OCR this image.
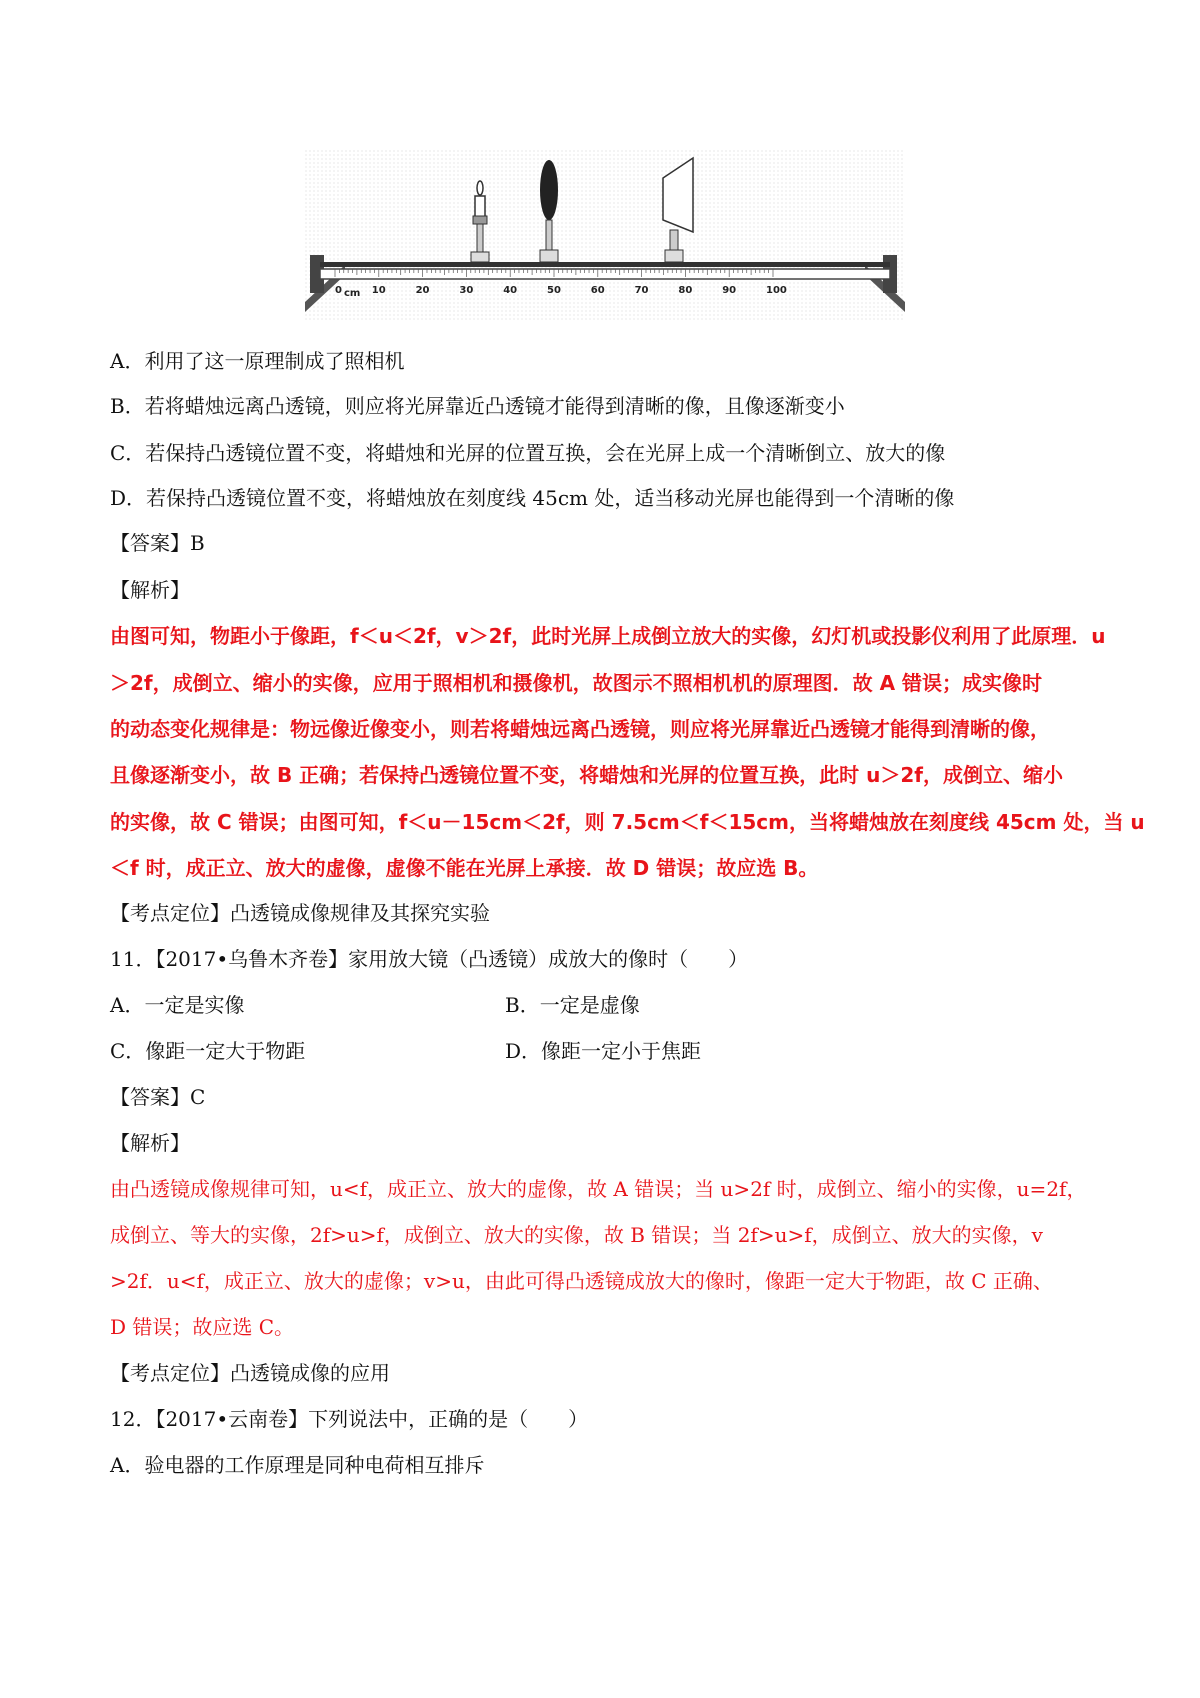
0	10	20	30	40	50	60	70	80	90	100
cm
A．利用了这一原理制成了照相机
B．若将蜡烛远离凸透镜，则应将光屏靠近凸透镜才能得到清晰的像，且像逐渐变小
C．若保持凸透镜位置不变，将蜡烛和光屏的位置互换，会在光屏上成一个清晰倒立、放大的像
D．若保持凸透镜位置不变，将蜡烛放在刻度线 45cm 处，适当移动光屏也能得到一个清晰的像
【答案】B
【解析】
由图可知，物距小于像距，f＜u＜2f，v＞2f，此时光屏上成倒立放大的实像，幻灯机或投影仪利用了此原理．u
＞2f，成倒立、缩小的实像，应用于照相机和摄像机，故图示不照相机机的原理图．故 A 错误；成实像时
的动态变化规律是：物远像近像变小，则若将蜡烛远离凸透镜，则应将光屏靠近凸透镜才能得到清晰的像，
且像逐渐变小，故 B 正确；若保持凸透镜位置不变，将蜡烛和光屏的位置互换，此时 u＞2f，成倒立、缩小
的实像，故 C 错误；由图可知，f＜u－15cm＜2f，则 7.5cm＜f＜15cm，当将蜡烛放在刻度线 45cm 处，当 u
＜f 时，成正立、放大的虚像，虚像不能在光屏上承接．故 D 错误；故应选 B。
【考点定位】凸透镜成像规律及其探究实验
11．【2017•乌鲁木齐卷】家用放大镜（凸透镜）成放大的像时（　　）
A．一定是实像	B．一定是虚像
C．像距一定大于物距	D．像距一定小于焦距
【答案】C
【解析】
由凸透镜成像规律可知，u<f，成正立、放大的虚像，故 A 错误；当 u>2f 时，成倒立、缩小的实像，u=2f，
成倒立、等大的实像，2f>u>f，成倒立、放大的实像，故 B 错误；当 2f>u>f，成倒立、放大的实像，v
>2f．u<f，成正立、放大的虚像；v>u，由此可得凸透镜成放大的像时，像距一定大于物距，故 C 正确、
D 错误；故应选 C。
【考点定位】凸透镜成像的应用
12．【2017•云南卷】下列说法中，正确的是（　　）
A．验电器的工作原理是同种电荷相互排斥
